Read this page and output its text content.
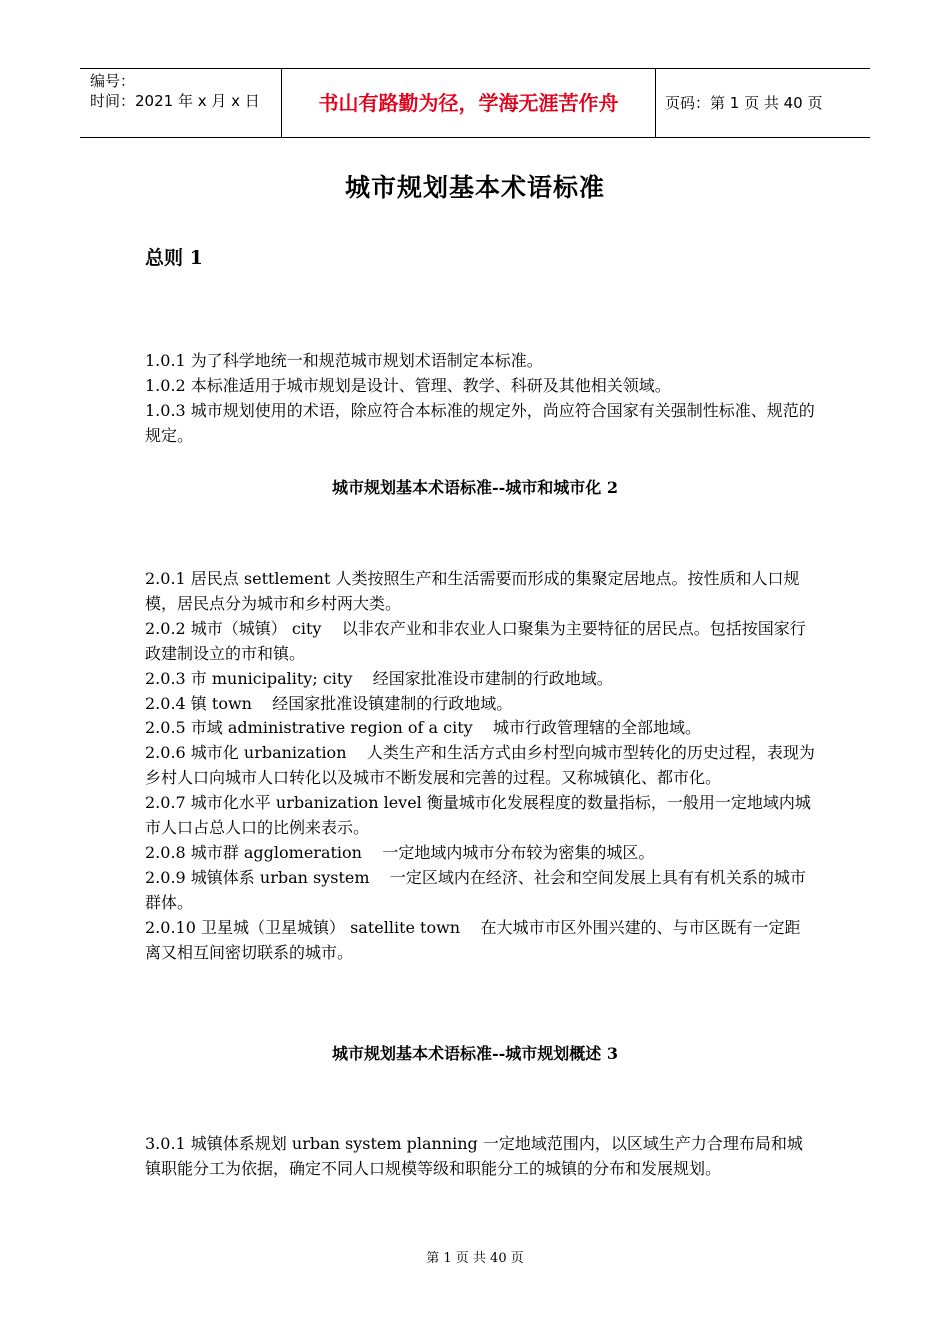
编号：
时间：2021 年 x 月 x 日	书山有路勤为径，学海无涯苦作舟	页码：第 1 页 共 40 页
城市规划基本术语标准
总则 1

1.0.1 为了科学地统一和规范城市规划术语制定本标准。

1.0.2 本标准适用于城市规划是设计、管理、教学、科研及其他相关领域。

1.0.3 城市规划使用的术语，除应符合本标准的规定外，尚应符合国家有关强制性标准、规范的规定。

城市规划基本术语标准--城市和城市化 2

2.0.1 居民点 settlement 人类按照生产和生活需要而形成的集聚定居地点。按性质和人口规模，居民点分为城市和乡村两大类。

2.0.2 城市（城镇） city    以非农产业和非农业人口聚集为主要特征的居民点。包括按国家行政建制设立的市和镇。

2.0.3 市 municipality; city    经国家批准设市建制的行政地域。

2.0.4 镇 town    经国家批准设镇建制的行政地域。

2.0.5 市域 administrative region of a city    城市行政管理辖的全部地域。

2.0.6 城市化 urbanization    人类生产和生活方式由乡村型向城市型转化的历史过程，表现为乡村人口向城市人口转化以及城市不断发展和完善的过程。又称城镇化、都市化。

2.0.7 城市化水平 urbanization level 衡量城市化发展程度的数量指标，一般用一定地域内城市人口占总人口的比例来表示。

2.0.8 城市群 agglomeration    一定地域内城市分布较为密集的城区。

2.0.9 城镇体系 urban system    一定区域内在经济、社会和空间发展上具有有机关系的城市群体。

2.0.10 卫星城（卫星城镇） satellite town    在大城市市区外围兴建的、与市区既有一定距离又相互间密切联系的城市。

城市规划基本术语标准--城市规划概述 3

3.0.1 城镇体系规划 urban system planning 一定地域范围内，以区域生产力合理布局和城镇职能分工为依据，确定不同人口规模等级和职能分工的城镇的分布和发展规划。

第 1 页 共 40 页
